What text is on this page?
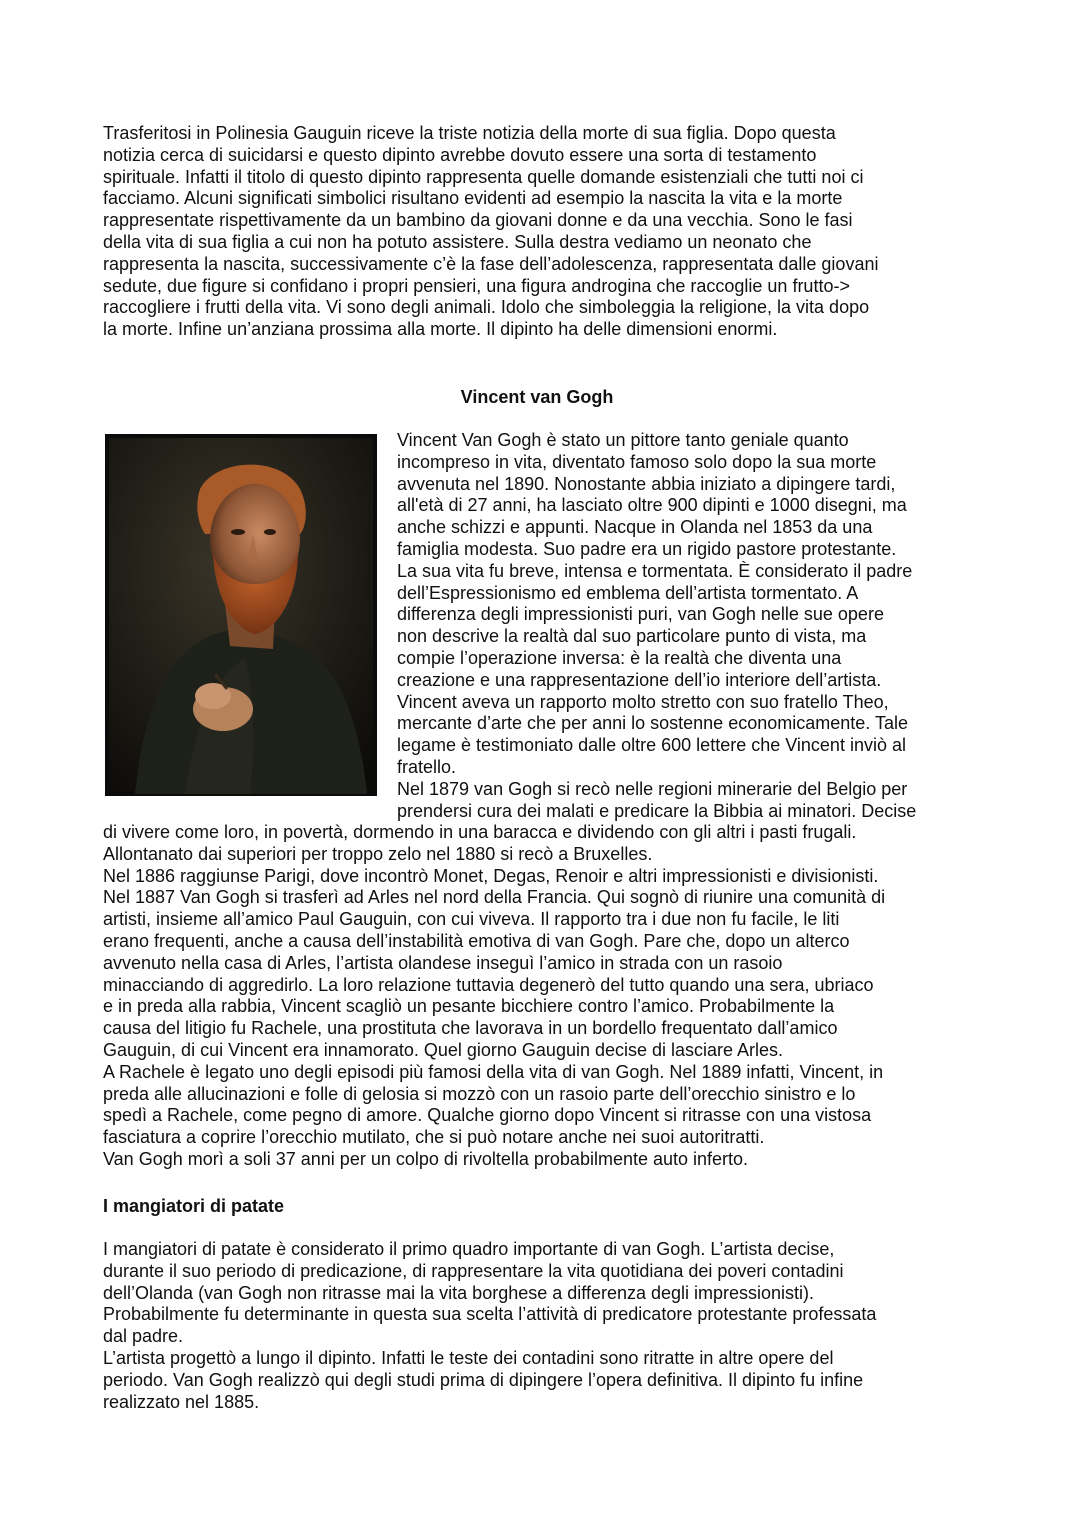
Trasferitosi in Polinesia Gauguin riceve la triste notizia della morte di sua figlia. Dopo questa
notizia cerca di suicidarsi e questo dipinto avrebbe dovuto essere una sorta di testamento
spirituale. Infatti il titolo di questo dipinto rappresenta quelle domande esistenziali che tutti noi ci
facciamo. Alcuni significati simbolici risultano evidenti ad esempio la nascita la vita e la morte
rappresentate rispettivamente da un bambino da giovani donne e da una vecchia. Sono le fasi
della vita di sua figlia a cui non ha potuto assistere. Sulla destra vediamo un neonato che
rappresenta la nascita, successivamente c’è la fase dell’adolescenza, rappresentata dalle giovani
sedute, due figure si confidano i propri pensieri, una figura androgina che raccoglie un frutto->
raccogliere i frutti della vita. Vi sono degli animali. Idolo che simboleggia la religione, la vita dopo
la morte. Infine un’anziana prossima alla morte. Il dipinto ha delle dimensioni enormi.

Vincent van Gogh

Vincent Van Gogh è stato un pittore tanto geniale quanto
incompreso in vita, diventato famoso solo dopo la sua morte
avvenuta nel 1890. Nonostante abbia iniziato a dipingere tardi,
all'età di 27 anni, ha lasciato oltre 900 dipinti e 1000 disegni, ma
anche schizzi e appunti. Nacque in Olanda nel 1853 da una
famiglia modesta. Suo padre era un rigido pastore protestante.
La sua vita fu breve, intensa e tormentata. È considerato il padre
dell’Espressionismo ed emblema dell’artista tormentato. A
differenza degli impressionisti puri, van Gogh nelle sue opere
non descrive la realtà dal suo particolare punto di vista, ma
compie l’operazione inversa: è la realtà che diventa una
creazione e una rappresentazione dell’io interiore dell’artista.
Vincent aveva un rapporto molto stretto con suo fratello Theo,
mercante d’arte che per anni lo sostenne economicamente. Tale
legame è testimoniato dalle oltre 600 lettere che Vincent inviò al
fratello.
Nel 1879 van Gogh si recò nelle regioni minerarie del Belgio per
prendersi cura dei malati e predicare la Bibbia ai minatori. Decise

di vivere come loro, in povertà, dormendo in una baracca e dividendo con gli altri i pasti frugali.
Allontanato dai superiori per troppo zelo nel 1880 si recò a Bruxelles.
Nel 1886 raggiunse Parigi, dove incontrò Monet, Degas, Renoir e altri impressionisti e divisionisti.
Nel 1887 Van Gogh si trasferì ad Arles nel nord della Francia. Qui sognò di riunire una comunità di
artisti, insieme all’amico Paul Gauguin, con cui viveva. Il rapporto tra i due non fu facile, le liti
erano frequenti, anche a causa dell’instabilità emotiva di van Gogh. Pare che, dopo un alterco
avvenuto nella casa di Arles, l’artista olandese inseguì l’amico in strada con un rasoio
minacciando di aggredirlo. La loro relazione tuttavia degenerò del tutto quando una sera, ubriaco
e in preda alla rabbia, Vincent scagliò un pesante bicchiere contro l’amico. Probabilmente la
causa del litigio fu Rachele, una prostituta che lavorava in un bordello frequentato dall’amico
Gauguin, di cui Vincent era innamorato. Quel giorno Gauguin decise di lasciare Arles.
A Rachele è legato uno degli episodi più famosi della vita di van Gogh. Nel 1889 infatti, Vincent, in
preda alle allucinazioni e folle di gelosia si mozzò con un rasoio parte dell’orecchio sinistro e lo
spedì a Rachele, come pegno di amore. Qualche giorno dopo Vincent si ritrasse con una vistosa
fasciatura a coprire l’orecchio mutilato, che si può notare anche nei suoi autoritratti.
Van Gogh morì a soli 37 anni per un colpo di rivoltella probabilmente auto inferto.

I mangiatori di patate

I mangiatori di patate è considerato il primo quadro importante di van Gogh. L’artista decise,
durante il suo periodo di predicazione, di rappresentare la vita quotidiana dei poveri contadini
dell’Olanda (van Gogh non ritrasse mai la vita borghese a differenza degli impressionisti).
Probabilmente fu determinante in questa sua scelta l’attività di predicatore protestante professata
dal padre.
L’artista progettò a lungo il dipinto. Infatti le teste dei contadini sono ritratte in altre opere del
periodo. Van Gogh realizzò qui degli studi prima di dipingere l’opera definitiva. Il dipinto fu infine
realizzato nel 1885.
